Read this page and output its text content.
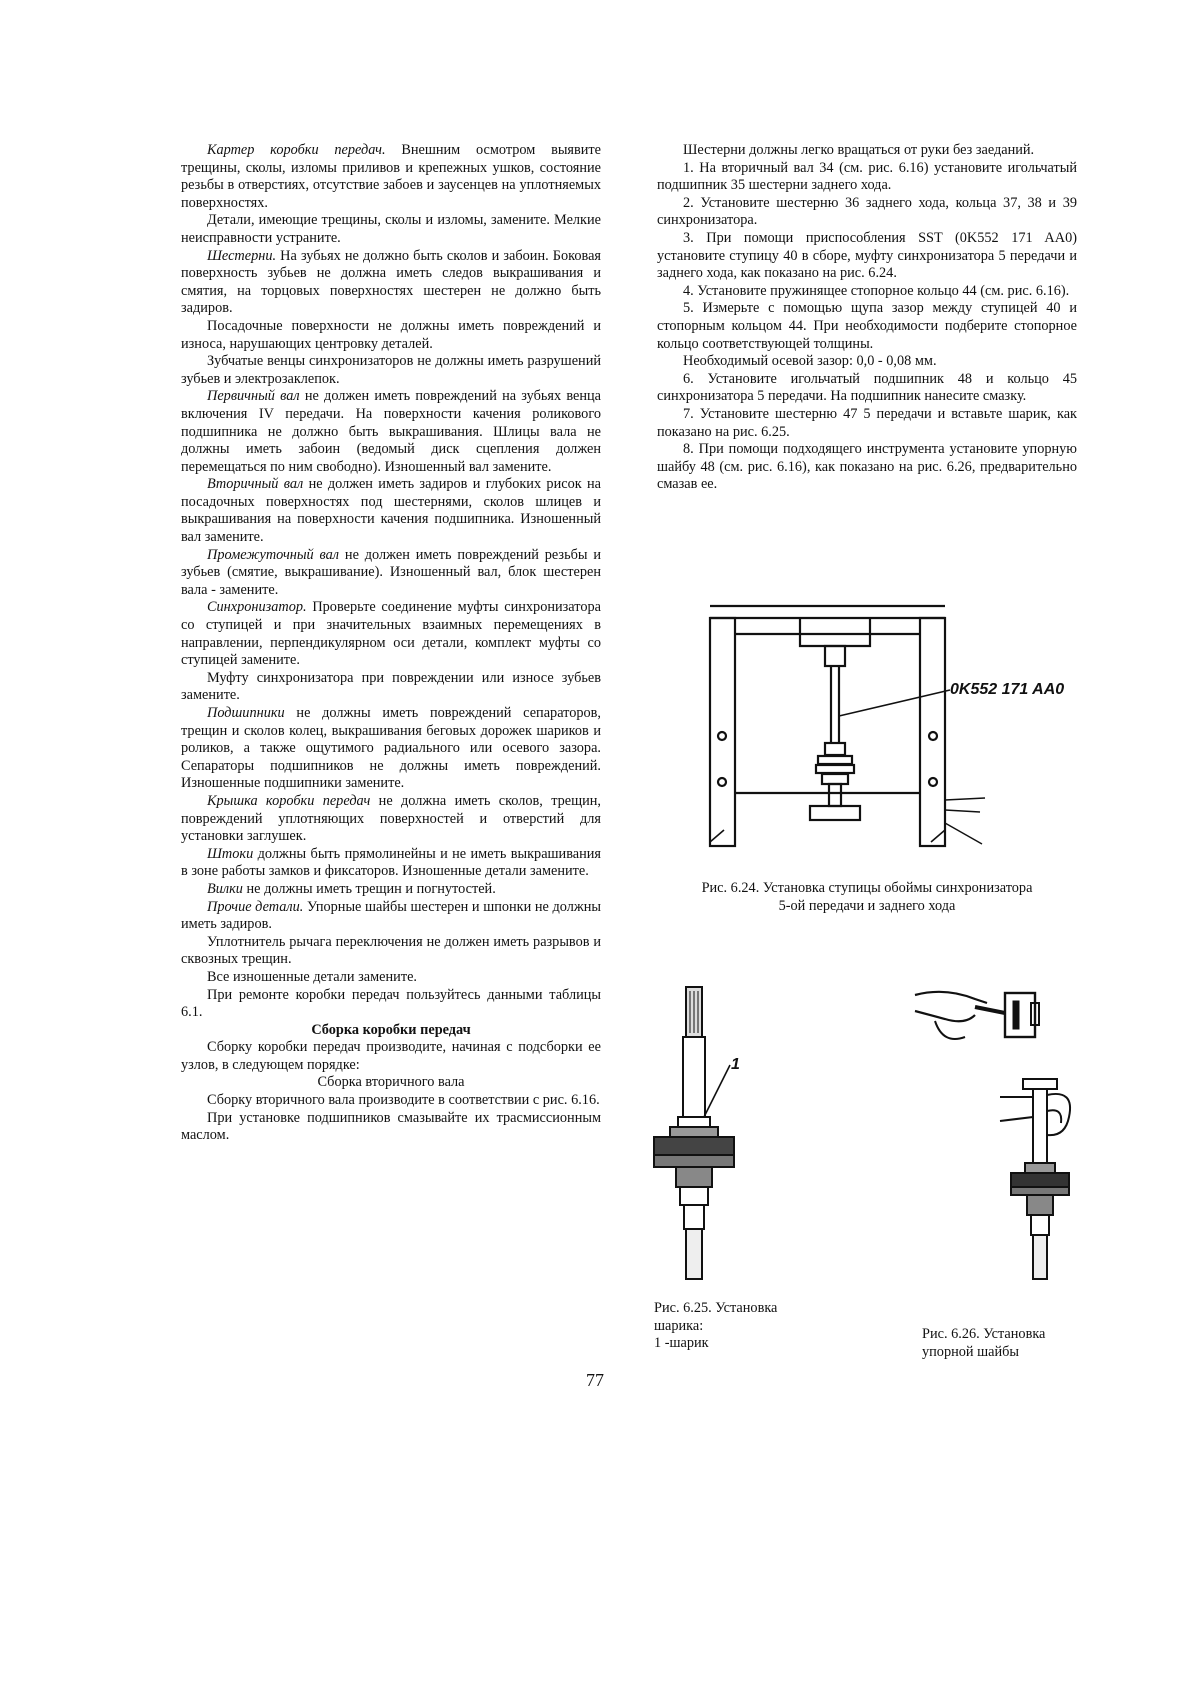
Картер коробки передач. Внешним осмотром выявите трещины, сколы, изломы приливов и крепежных ушков, состояние резьбы в отверстиях, отсутствие забоев и заусенцев на уплотняемых поверхностях.

Детали, имеющие трещины, сколы и изломы, замените. Мелкие неисправности устраните.

Шестерни. На зубьях не должно быть сколов и забоин. Боковая поверхность зубьев не должна иметь следов выкрашивания и смятия, на торцовых поверхностях шестерен не должно быть задиров.

Посадочные поверхности не должны иметь повреждений и износа, нарушающих центровку деталей.

Зубчатые венцы синхронизаторов не должны иметь разрушений зубьев и электрозаклепок.

Первичный вал не должен иметь повреждений на зубьях венца включения IV передачи. На поверхности качения роликового подшипника не должно быть выкрашивания. Шлицы вала не должны иметь забоин (ведомый диск сцепления должен перемещаться по ним свободно). Изношенный вал замените.

Вторичный вал не должен иметь задиров и глубоких рисок на посадочных поверхностях под шестернями, сколов шлицев и выкрашивания на поверхности качения подшипника. Изношенный вал замените.

Промежуточный вал не должен иметь повреждений резьбы и зубьев (смятие, выкрашивание). Изношенный вал, блок шестерен вала - замените.

Синхронизатор. Проверьте соединение муфты синхронизатора со ступицей и при значительных взаимных перемещениях в направлении, перпендикулярном оси детали, комплект муфты со ступицей замените.

Муфту синхронизатора при повреждении или износе зубьев замените.

Подшипники не должны иметь повреждений сепараторов, трещин и сколов колец, выкрашивания беговых дорожек шариков и роликов, а также ощутимого радиального или осевого зазора. Сепараторы подшипников не должны иметь повреждений. Изношенные подшипники замените.

Крышка коробки передач не должна иметь сколов, трещин, повреждений уплотняющих поверхностей и отверстий для установки заглушек.

Штоки должны быть прямолинейны и не иметь выкрашивания в зоне работы замков и фиксаторов. Изношенные детали замените.

Вилки не должны иметь трещин и погнутостей.

Прочие детали. Упорные шайбы шестерен и шпонки не должны иметь задиров.

Уплотнитель рычага переключения не должен иметь разрывов и сквозных трещин.

Все изношенные детали замените.

При ремонте коробки передач пользуйтесь данными таблицы 6.1.

Сборка коробки передач

Сборку коробки передач производите, начиная с подсборки ее узлов, в следующем порядке:

Сборка вторичного вала

Сборку вторичного вала производите в соответствии с рис. 6.16.

При установке подшипников смазывайте их трасмиссионным маслом.

Шестерни должны легко вращаться от руки без заеданий.

1. На вторичный вал 34 (см. рис. 6.16) установите игольчатый подшипник 35 шестерни заднего хода.

2. Установите шестерню 36 заднего хода, кольца 37, 38 и 39 синхронизатора.

3. При помощи приспособления SST (0K552 171 AA0) установите ступицу 40 в сборе, муфту синхронизатора 5 передачи и заднего хода, как показано на рис. 6.24.

4. Установите пружинящее стопорное кольцо 44 (см. рис. 6.16).

5. Измерьте с помощью щупа зазор между ступицей 40 и стопорным кольцом 44. При необходимости подберите стопорное кольцо соответствующей толщины.

Необходимый осевой зазор: 0,0 - 0,08 мм.

6. Установите игольчатый подшипник 48 и кольцо 45 синхронизатора 5 передачи. На подшипник нанесите смазку.

7. Установите шестерню 47 5 передачи и вставьте шарик, как показано на рис. 6.25.

8. При помощи подходящего инструмента установите упорную шайбу 48 (см. рис. 6.16), как показано на рис. 6.26, предварительно смазав ее.

0K552 171 AA0
Рис. 6.24. Установка ступицы обоймы синхронизатора
5-ой передачи и заднего хода
1
Рис. 6.25. Установка
шарика:
1 -шарик
Рис. 6.26. Установка
упорной шайбы
77
